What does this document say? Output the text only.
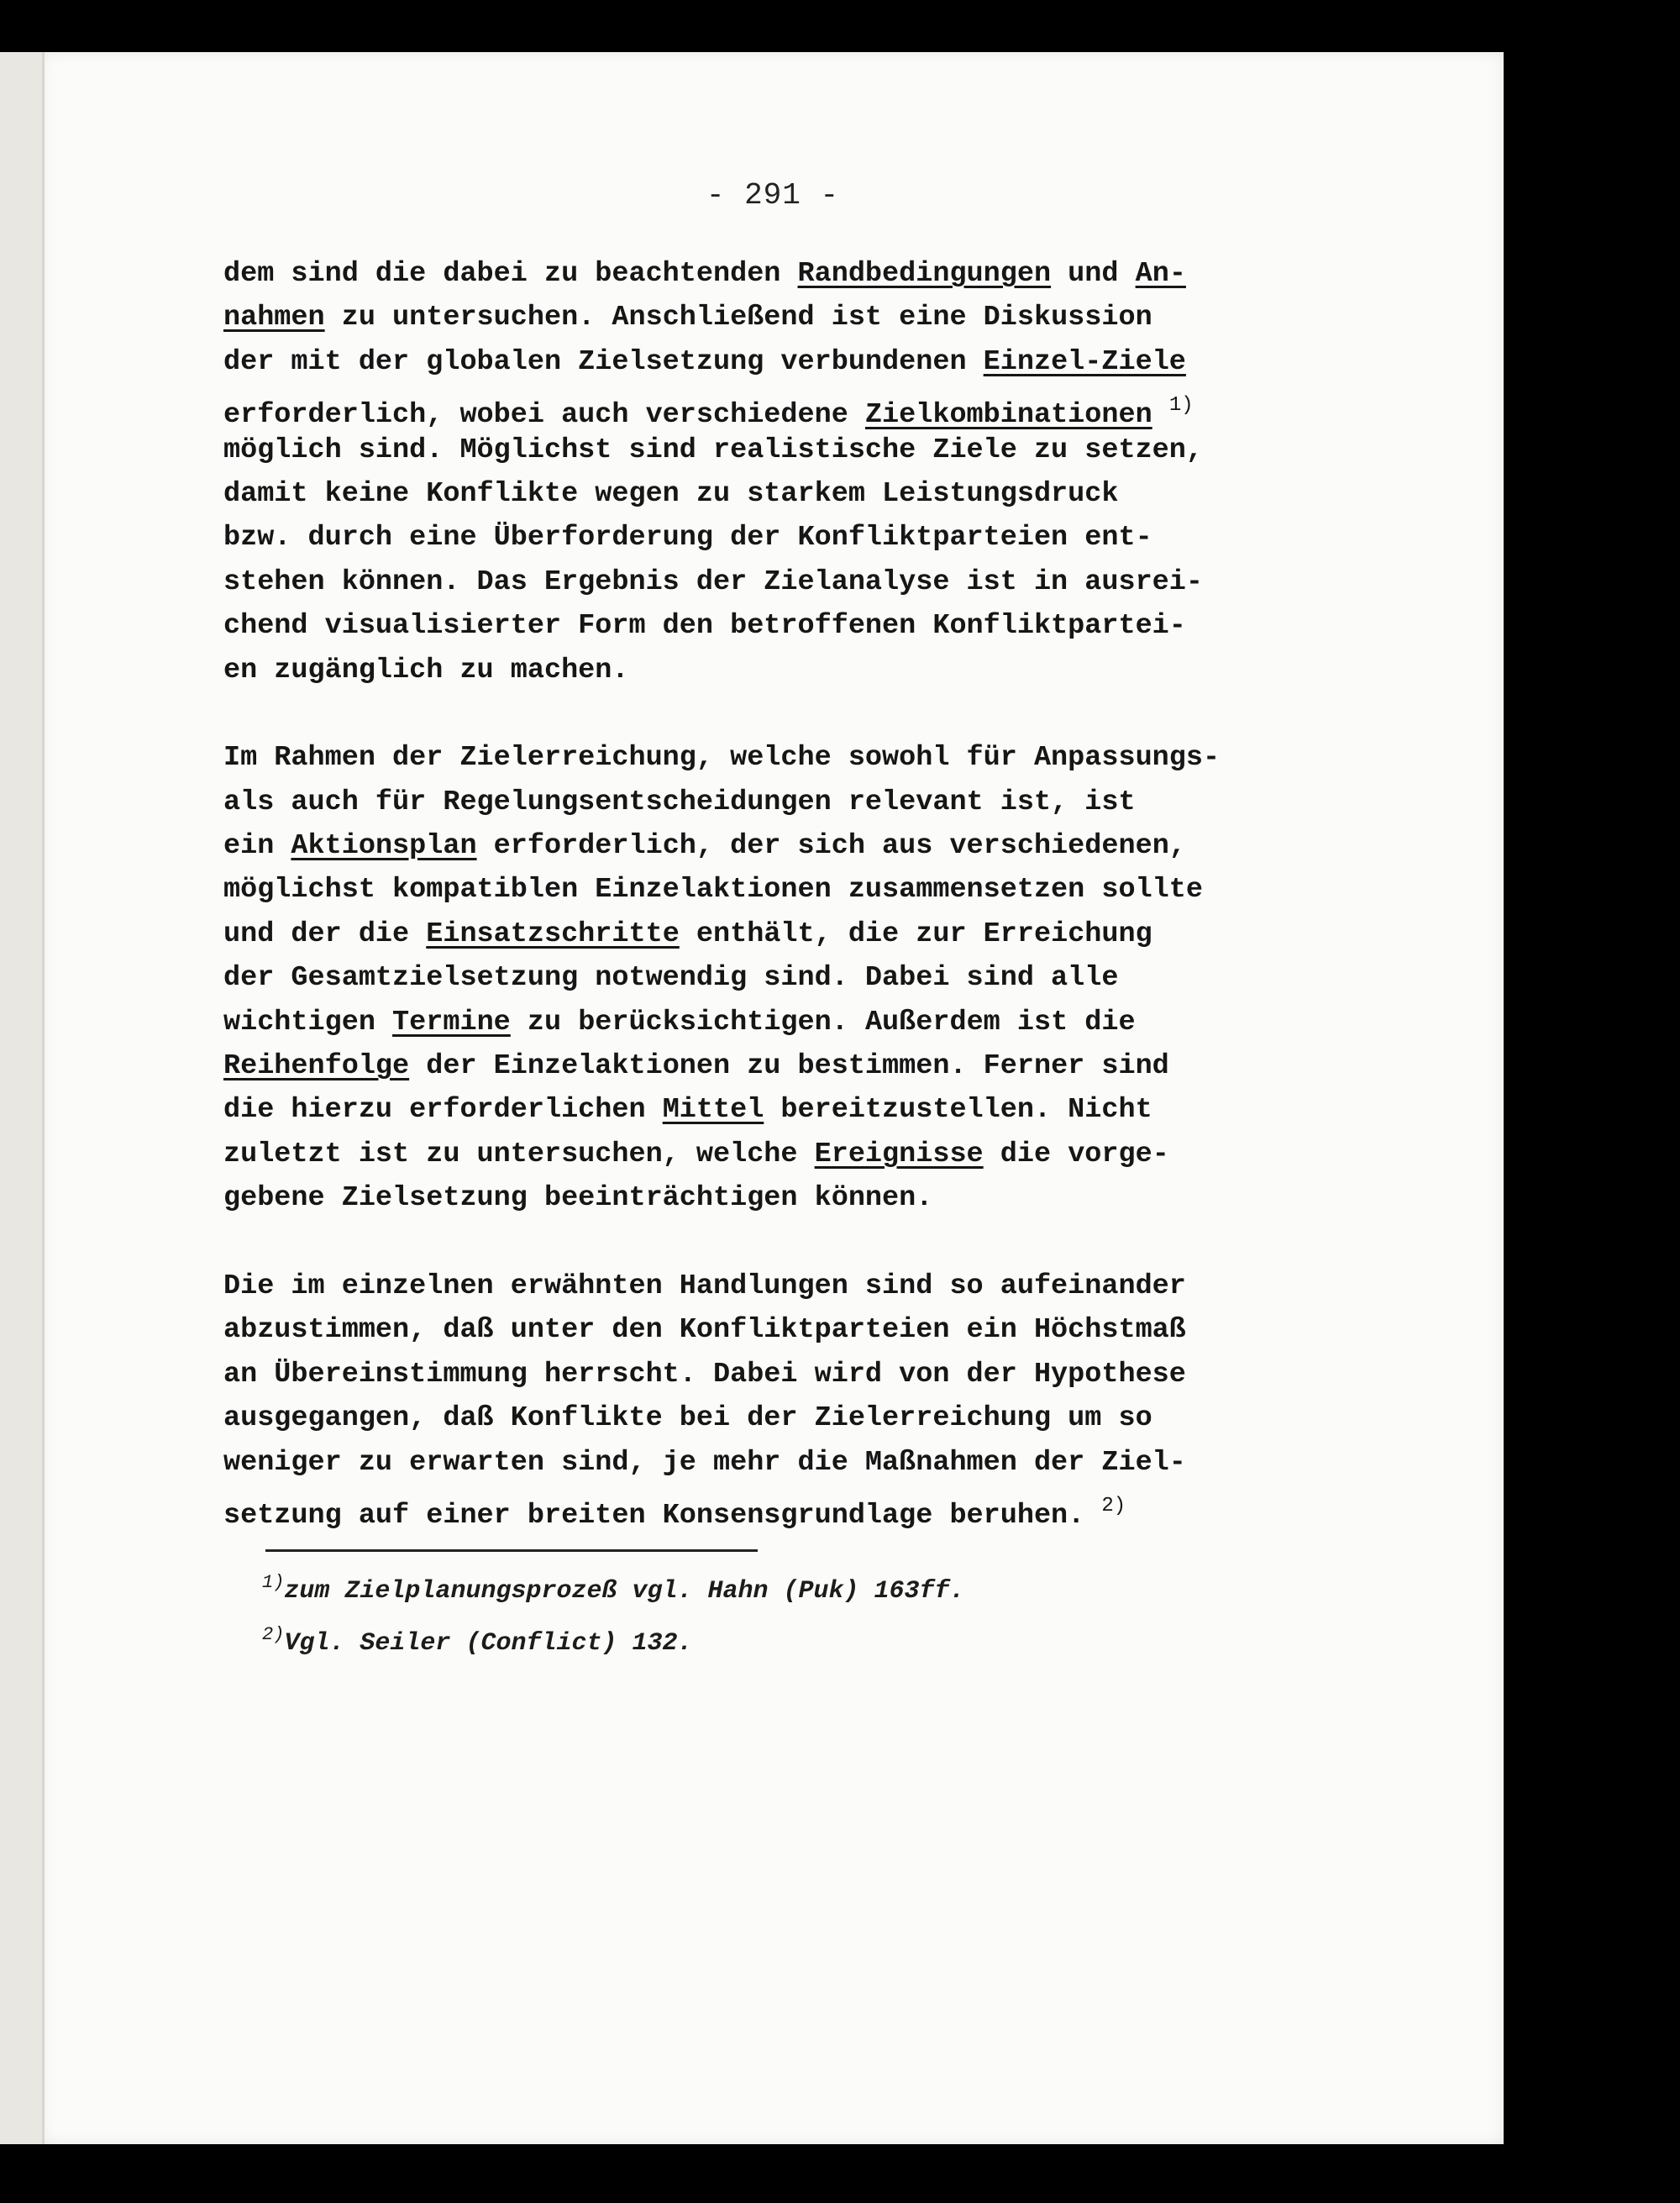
- 291 -
dem sind die dabei zu beachtenden Randbedingungen und An-
nahmen zu untersuchen. Anschließend ist eine Diskussion
der mit der globalen Zielsetzung verbundenen Einzel-Ziele
erforderlich, wobei auch verschiedene Zielkombinationen $^{1)}$
möglich sind. Möglichst sind realistische Ziele zu setzen,
damit keine Konflikte wegen zu starkem Leistungsdruck
bzw. durch eine Überforderung der Konfliktparteien ent-
stehen können. Das Ergebnis der Zielanalyse ist in ausrei-
chend visualisierter Form den betroffenen Konfliktpartei-
en zugänglich zu machen.
Im Rahmen der Zielerreichung, welche sowohl für Anpassungs-
als auch für Regelungsentscheidungen relevant ist, ist
ein Aktionsplan erforderlich, der sich aus verschiedenen,
möglichst kompatiblen Einzelaktionen zusammensetzen sollte
und der die Einsatzschritte enthält, die zur Erreichung
der Gesamtzielsetzung notwendig sind. Dabei sind alle
wichtigen Termine zu berücksichtigen. Außerdem ist die
Reihenfolge der Einzelaktionen zu bestimmen. Ferner sind
die hierzu erforderlichen Mittel bereitzustellen. Nicht
zuletzt ist zu untersuchen, welche Ereignisse die vorge-
gebene Zielsetzung beeinträchtigen können.
Die im einzelnen erwähnten Handlungen sind so aufeinander
abzustimmen, daß unter den Konfliktparteien ein Höchstmaß
an Übereinstimmung herrscht. Dabei wird von der Hypothese
ausgegangen, daß Konflikte bei der Zielerreichung um so
weniger zu erwarten sind, je mehr die Maßnahmen der Ziel-
setzung auf einer breiten Konsensgrundlage beruhen. $^{2)}$
$^{1)}$zum Zielplanungsprozeß vgl. Hahn (Puk) 163ff.
$^{2)}$Vgl. Seiler (Conflict) 132.
